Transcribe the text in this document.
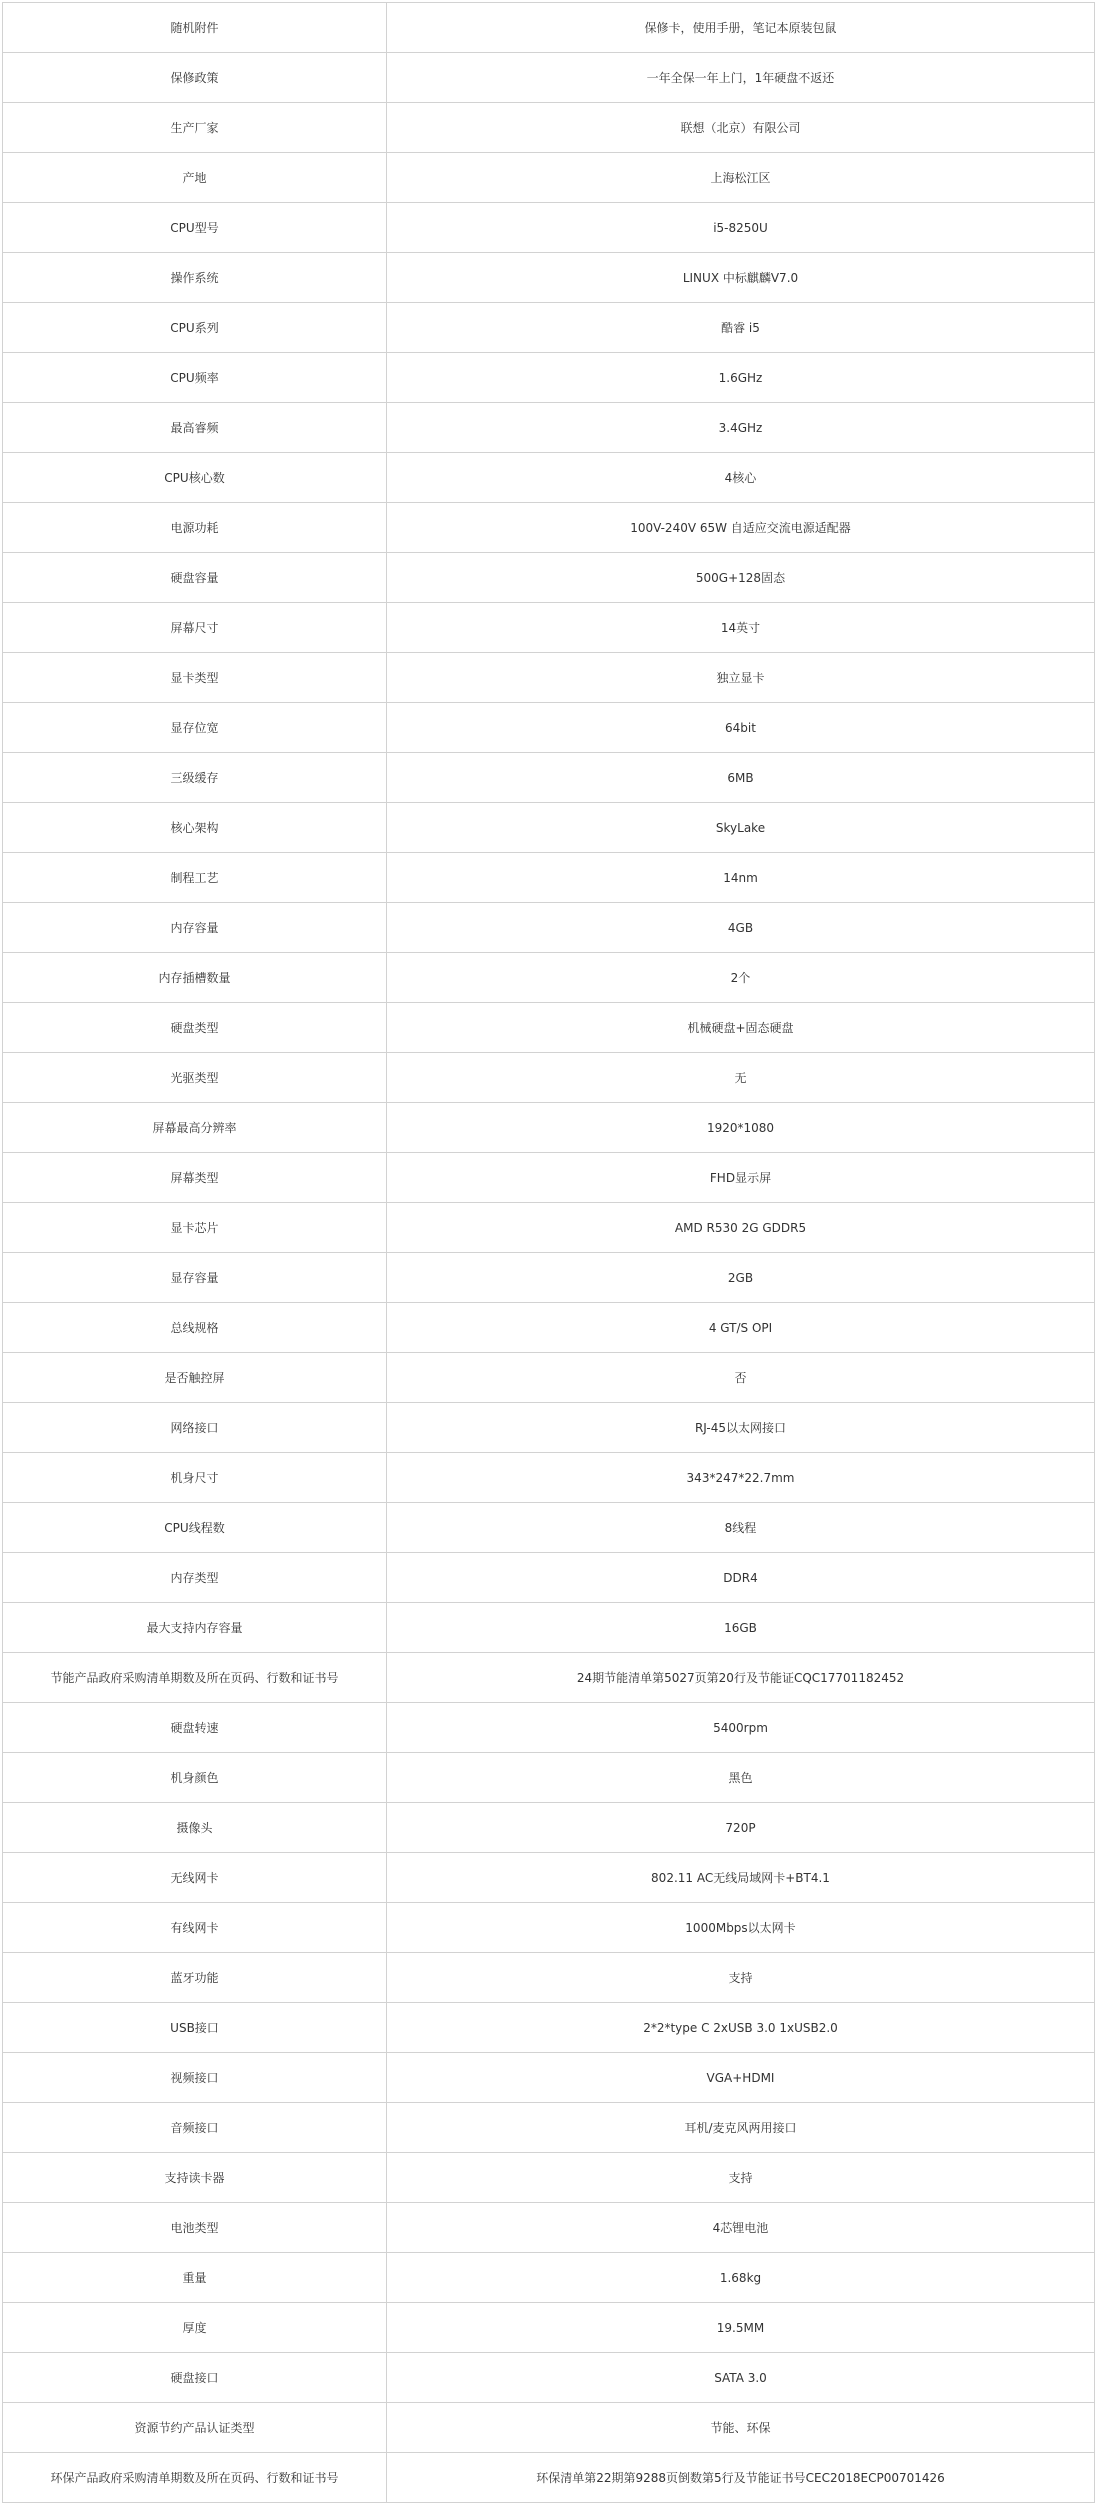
随机附件	保修卡，使用手册，笔记本原装包鼠
保修政策	一年全保一年上门，1年硬盘不返还
生产厂家	联想（北京）有限公司
产地	上海松江区
CPU型号	i5-8250U
操作系统	LINUX 中标麒麟V7.0
CPU系列	酷睿 i5
CPU频率	1.6GHz
最高睿频	3.4GHz
CPU核心数	4核心
电源功耗	100V-240V 65W 自适应交流电源适配器
硬盘容量	500G+128固态
屏幕尺寸	14英寸
显卡类型	独立显卡
显存位宽	64bit
三级缓存	6MB
核心架构	SkyLake
制程工艺	14nm
内存容量	4GB
内存插槽数量	2个
硬盘类型	机械硬盘+固态硬盘
光驱类型	无
屏幕最高分辨率	1920*1080
屏幕类型	FHD显示屏
显卡芯片	AMD R530 2G GDDR5
显存容量	2GB
总线规格	4 GT/S OPI
是否触控屏	否
网络接口	RJ-45以太网接口
机身尺寸	343*247*22.7mm
CPU线程数	8线程
内存类型	DDR4
最大支持内存容量	16GB
节能产品政府采购清单期数及所在页码、行数和证书号	24期节能清单第5027页第20行及节能证CQC17701182452
硬盘转速	5400rpm
机身颜色	黑色
摄像头	720P
无线网卡	802.11 AC无线局域网卡+BT4.1
有线网卡	1000Mbps以太网卡
蓝牙功能	支持
USB接口	2*2*type C 2xUSB 3.0 1xUSB2.0
视频接口	VGA+HDMI
音频接口	耳机/麦克风两用接口
支持读卡器	支持
电池类型	4芯锂电池
重量	1.68kg
厚度	19.5MM
硬盘接口	SATA 3.0
资源节约产品认证类型	节能、环保
环保产品政府采购清单期数及所在页码、行数和证书号	环保清单第22期第9288页倒数第5行及节能证书号CEC2018ECP00701426
